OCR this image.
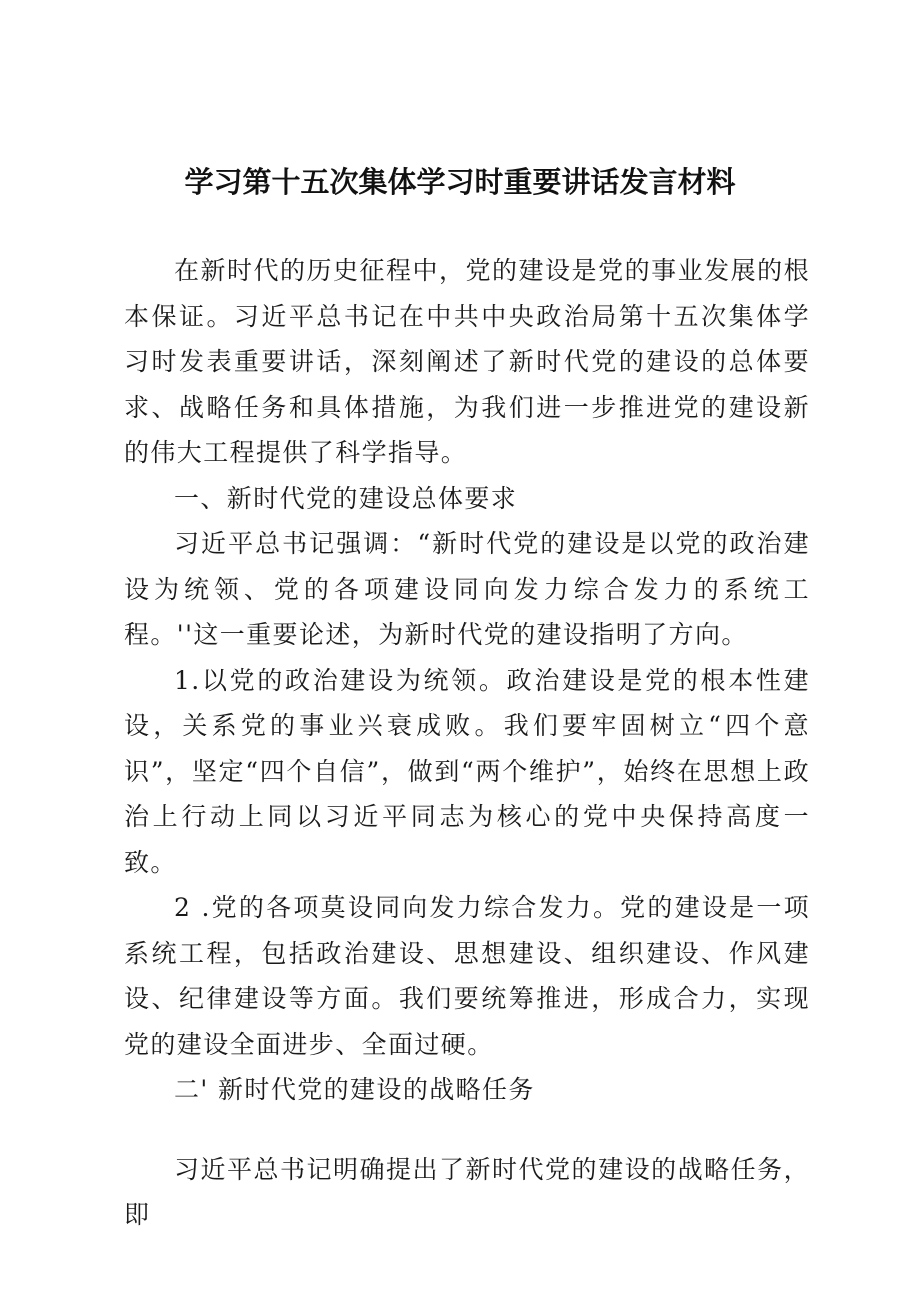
学习第十五次集体学习时重要讲话发言材料

在新时代的历史征程中，党的建设是党的事业发展的根本保证。习近平总书记在中共中央政治局第十五次集体学习时发表重要讲话，深刻阐述了新时代党的建设的总体要求、战略任务和具体措施，为我们进一步推进党的建设新的伟大工程提供了科学指导。

一、新时代党的建设总体要求

习近平总书记强调：“新时代党的建设是以党的政治建设为统领、党的各项建设同向发力综合发力的系统工程。''这一重要论述，为新时代党的建设指明了方向。

1.以党的政治建设为统领。政治建设是党的根本性建设，关系党的事业兴衰成败。我们要牢固树立“四个意识”，坚定“四个自信”，做到“两个维护”，始终在思想上政治上行动上同以习近平同志为核心的党中央保持高度一致。

2 .党的各项莫设同向发力综合发力。党的建设是一项系统工程，包括政治建设、思想建设、组织建设、作风建设、纪律建设等方面。我们要统筹推进，形成合力，实现党的建设全面进步、全面过硬。

二' 新时代党的建设的战略任务

习近平总书记明确提出了新时代党的建设的战略任务，即
